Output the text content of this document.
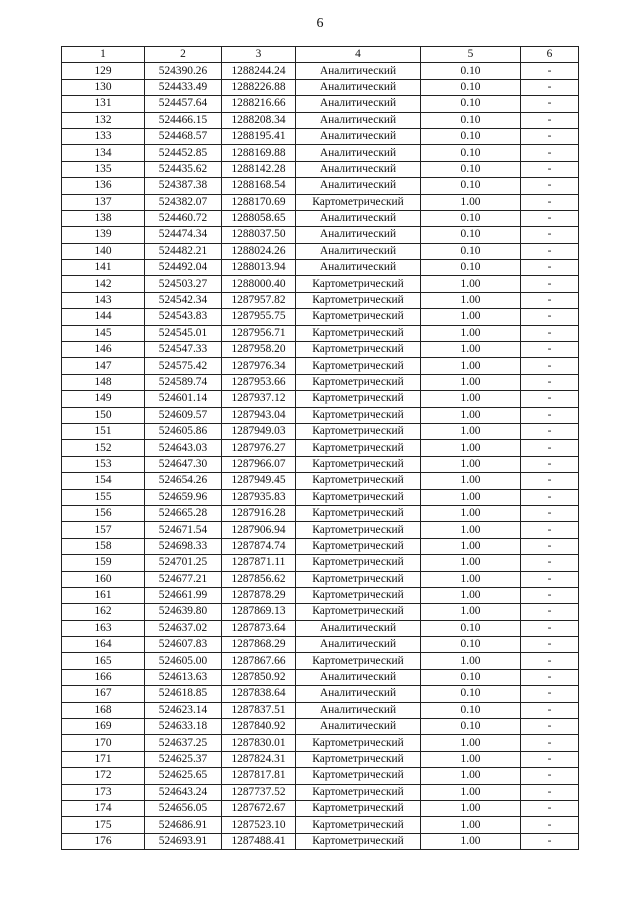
6
1	2	3	4	5	6
129	524390.26	1288244.24	Аналитический	0.10	-
130	524433.49	1288226.88	Аналитический	0.10	-
131	524457.64	1288216.66	Аналитический	0.10	-
132	524466.15	1288208.34	Аналитический	0.10	-
133	524468.57	1288195.41	Аналитический	0.10	-
134	524452.85	1288169.88	Аналитический	0.10	-
135	524435.62	1288142.28	Аналитический	0.10	-
136	524387.38	1288168.54	Аналитический	0.10	-
137	524382.07	1288170.69	Картометрический	1.00	-
138	524460.72	1288058.65	Аналитический	0.10	-
139	524474.34	1288037.50	Аналитический	0.10	-
140	524482.21	1288024.26	Аналитический	0.10	-
141	524492.04	1288013.94	Аналитический	0.10	-
142	524503.27	1288000.40	Картометрический	1.00	-
143	524542.34	1287957.82	Картометрический	1.00	-
144	524543.83	1287955.75	Картометрический	1.00	-
145	524545.01	1287956.71	Картометрический	1.00	-
146	524547.33	1287958.20	Картометрический	1.00	-
147	524575.42	1287976.34	Картометрический	1.00	-
148	524589.74	1287953.66	Картометрический	1.00	-
149	524601.14	1287937.12	Картометрический	1.00	-
150	524609.57	1287943.04	Картометрический	1.00	-
151	524605.86	1287949.03	Картометрический	1.00	-
152	524643.03	1287976.27	Картометрический	1.00	-
153	524647.30	1287966.07	Картометрический	1.00	-
154	524654.26	1287949.45	Картометрический	1.00	-
155	524659.96	1287935.83	Картометрический	1.00	-
156	524665.28	1287916.28	Картометрический	1.00	-
157	524671.54	1287906.94	Картометрический	1.00	-
158	524698.33	1287874.74	Картометрический	1.00	-
159	524701.25	1287871.11	Картометрический	1.00	-
160	524677.21	1287856.62	Картометрический	1.00	-
161	524661.99	1287878.29	Картометрический	1.00	-
162	524639.80	1287869.13	Картометрический	1.00	-
163	524637.02	1287873.64	Аналитический	0.10	-
164	524607.83	1287868.29	Аналитический	0.10	-
165	524605.00	1287867.66	Картометрический	1.00	-
166	524613.63	1287850.92	Аналитический	0.10	-
167	524618.85	1287838.64	Аналитический	0.10	-
168	524623.14	1287837.51	Аналитический	0.10	-
169	524633.18	1287840.92	Аналитический	0.10	-
170	524637.25	1287830.01	Картометрический	1.00	-
171	524625.37	1287824.31	Картометрический	1.00	-
172	524625.65	1287817.81	Картометрический	1.00	-
173	524643.24	1287737.52	Картометрический	1.00	-
174	524656.05	1287672.67	Картометрический	1.00	-
175	524686.91	1287523.10	Картометрический	1.00	-
176	524693.91	1287488.41	Картометрический	1.00	-
